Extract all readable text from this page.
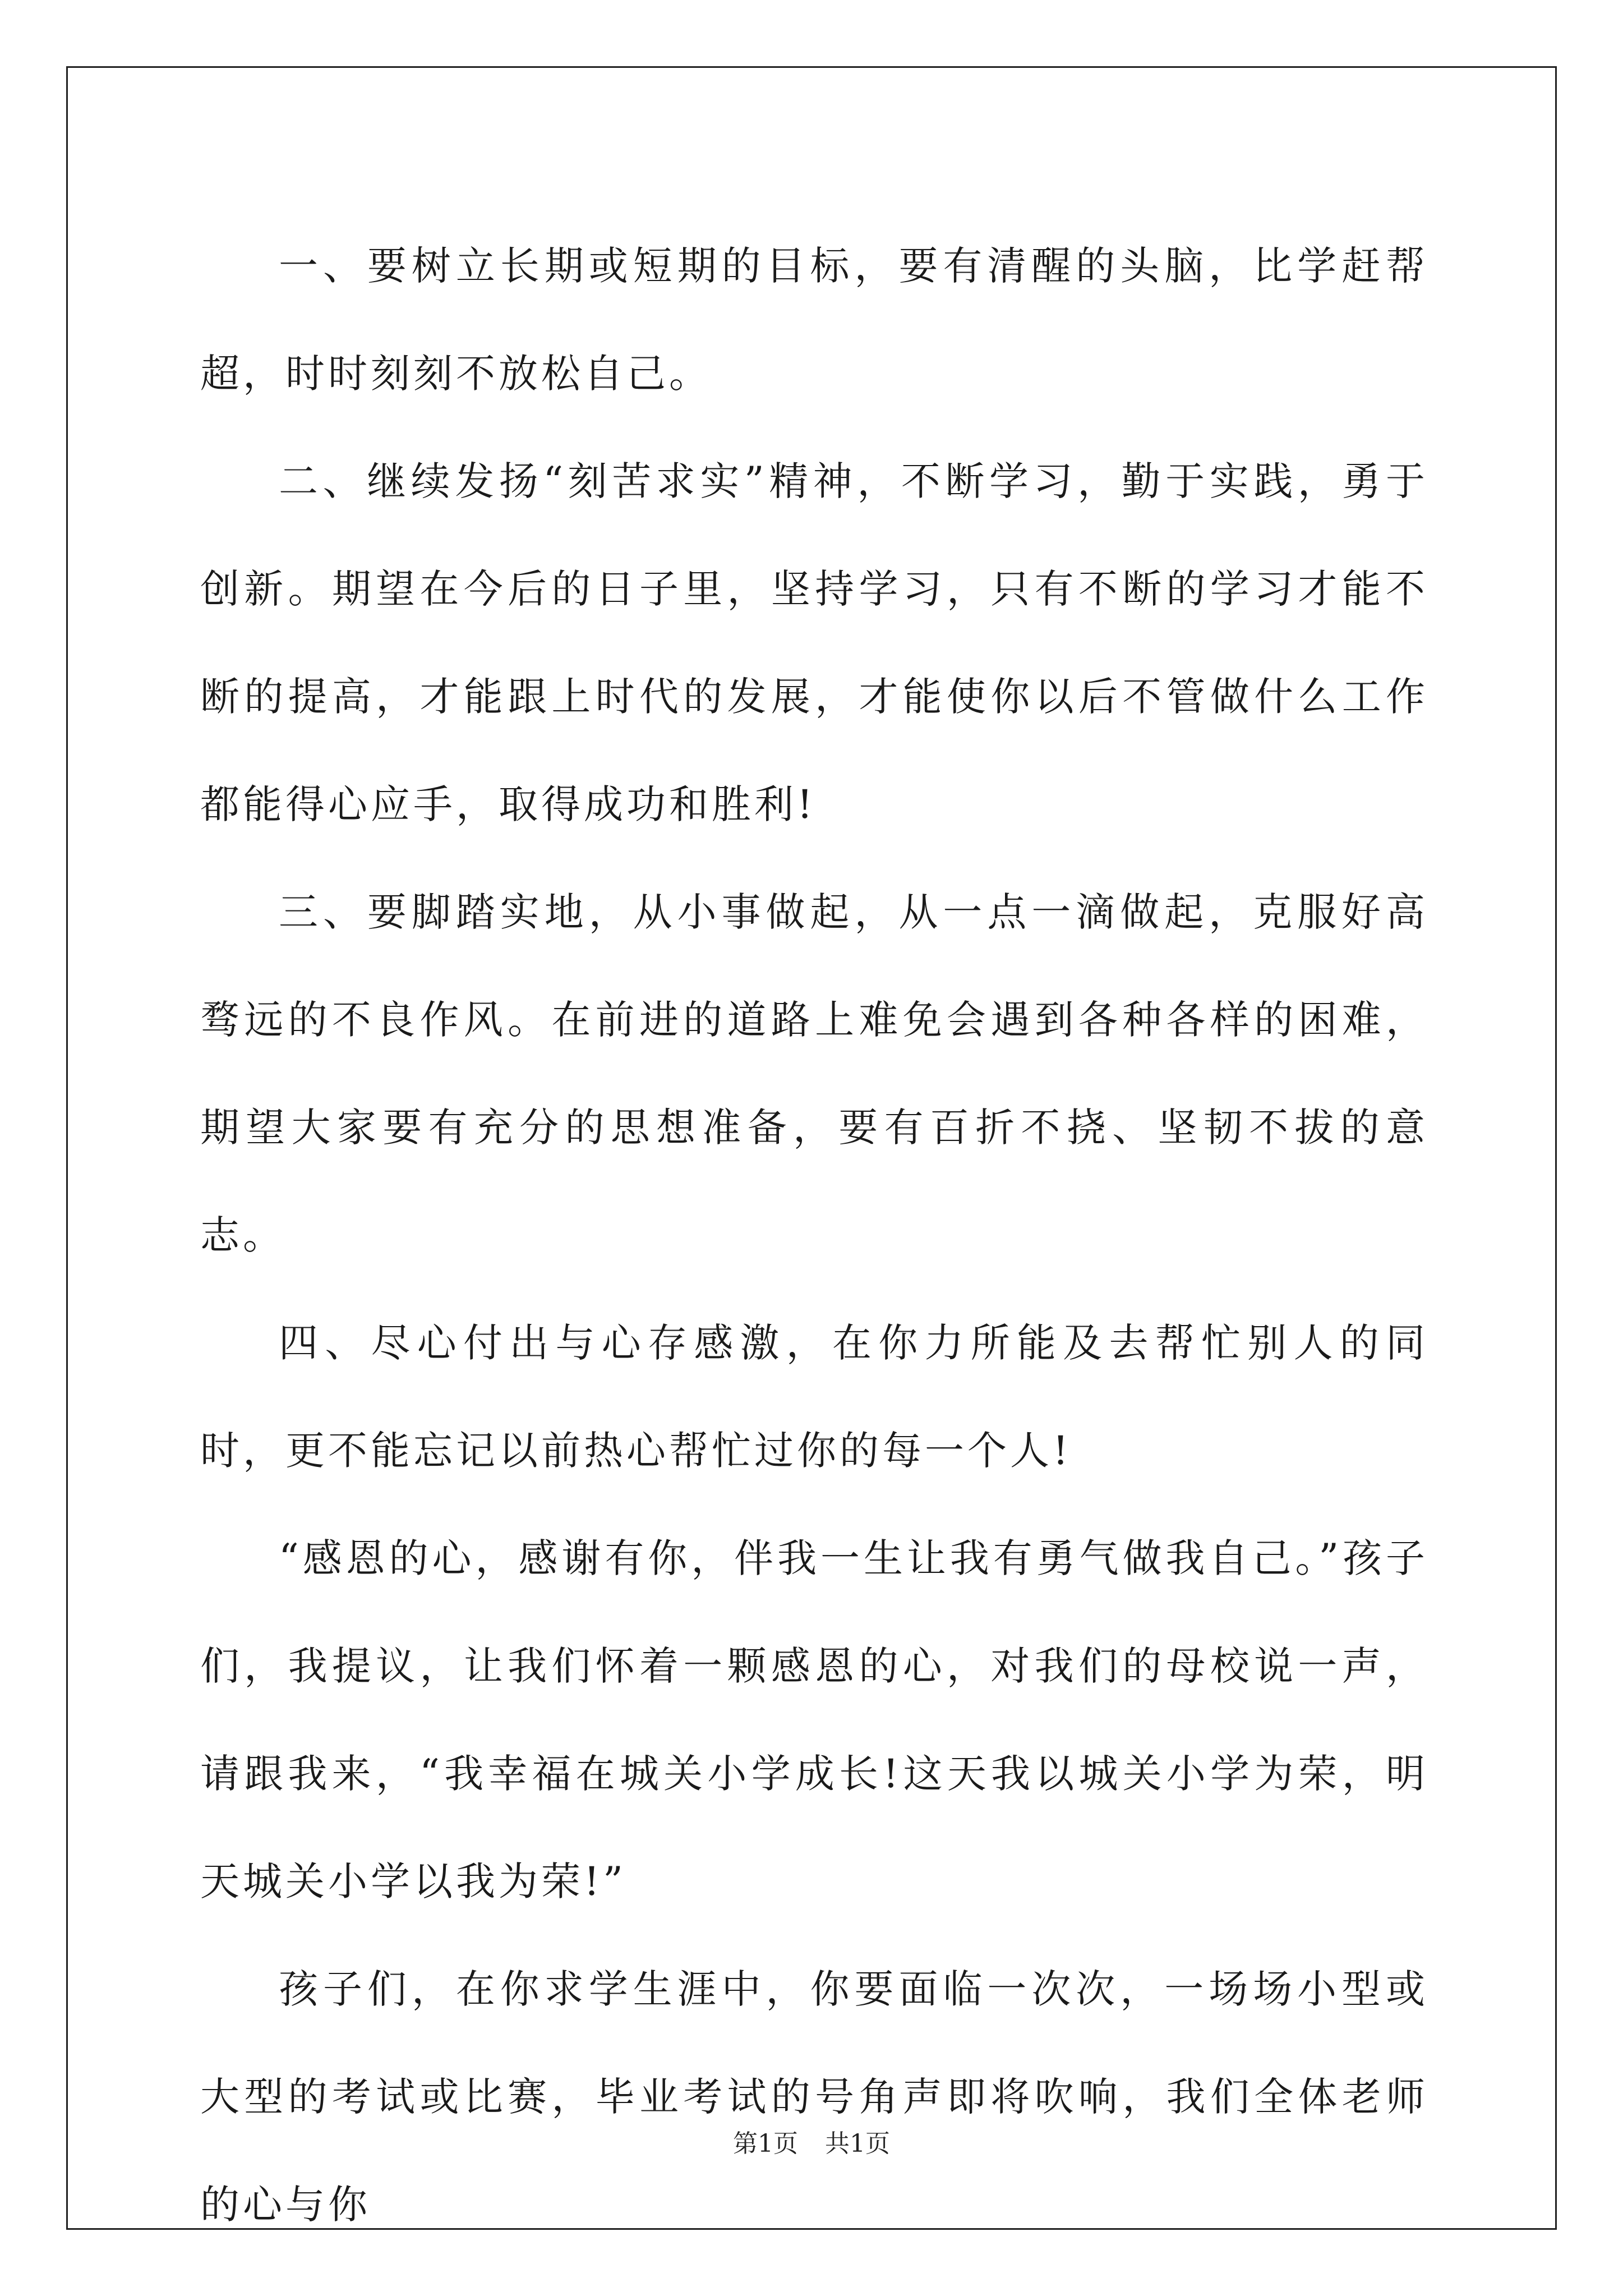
一、要树立长期或短期的目标，要有清醒的头脑，比学赶帮超，时时刻刻不放松自己。

二、继续发扬“刻苦求实”精神，不断学习，勤于实践，勇于创新。期望在今后的日子里，坚持学习，只有不断的学习才能不断的提高，才能跟上时代的发展，才能使你以后不管做什么工作都能得心应手，取得成功和胜利!

三、要脚踏实地，从小事做起，从一点一滴做起，克服好高骛远的不良作风。在前进的道路上难免会遇到各种各样的困难，期望大家要有充分的思想准备，要有百折不挠、坚韧不拔的意志。

四、尽心付出与心存感激，在你力所能及去帮忙别人的同时，更不能忘记以前热心帮忙过你的每一个人!

“感恩的心，感谢有你，伴我一生让我有勇气做我自己。”孩子们，我提议，让我们怀着一颗感恩的心，对我们的母校说一声，请跟我来，“我幸福在城关小学成长!这天我以城关小学为荣，明天城关小学以我为荣!”

孩子们，在你求学生涯中，你要面临一次次，一场场小型或大型的考试或比赛，毕业考试的号角声即将吹响，我们全体老师的心与你

第1页 共1页
